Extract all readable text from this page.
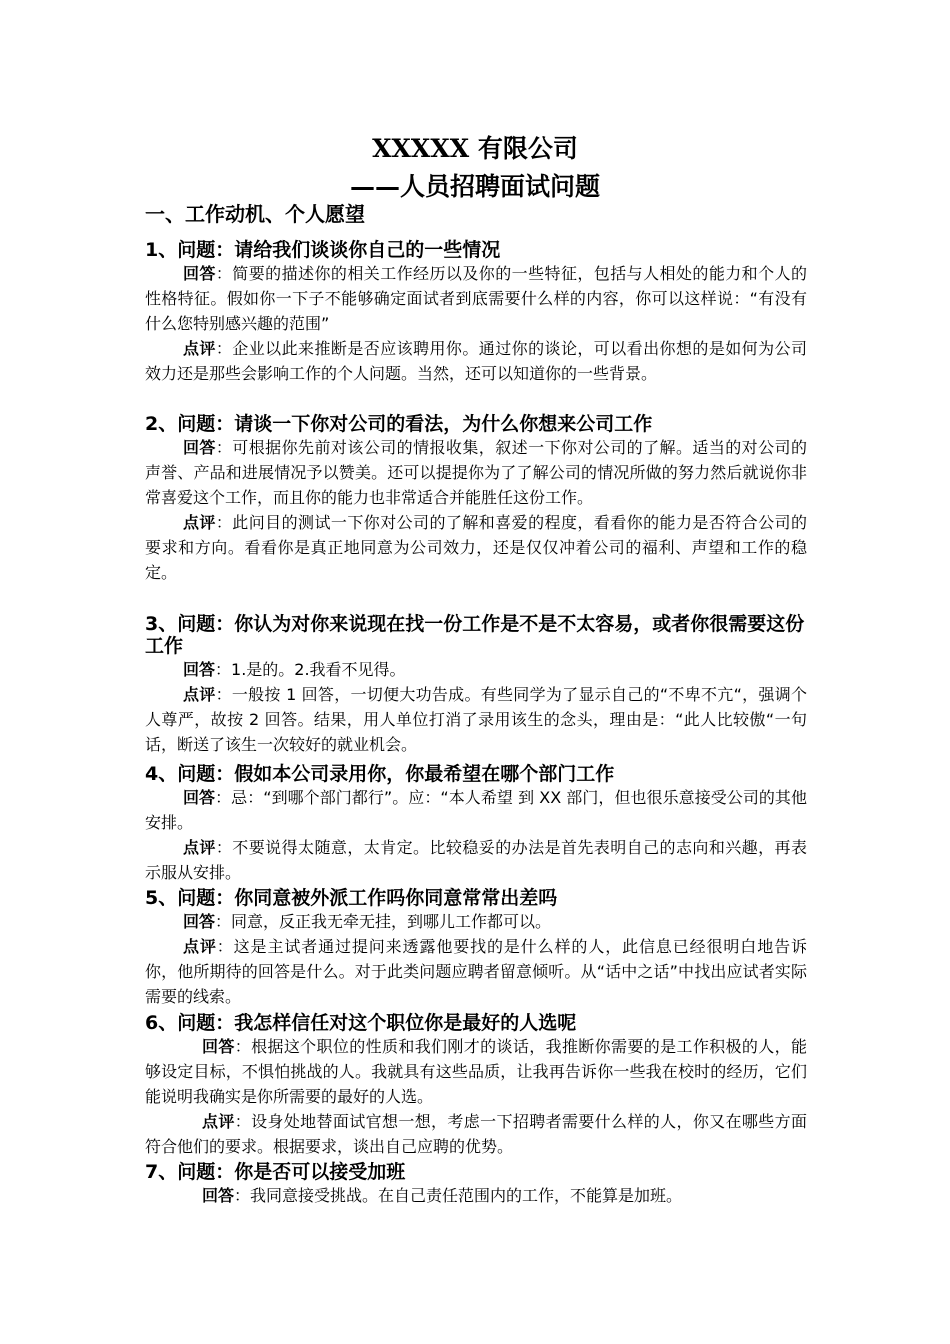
XXXXX 有限公司
——人员招聘面试问题
一、工作动机、个人愿望

1、问题：请给我们谈谈你自己的一些情况

回答：简要的描述你的相关工作经历以及你的一些特征，包括与人相处的能力和个人的性格特征。假如你一下子不能够确定面试者到底需要什么样的内容，你可以这样说：“有没有什么您特别感兴趣的范围”

点评：企业以此来推断是否应该聘用你。通过你的谈论，可以看出你想的是如何为公司效力还是那些会影响工作的个人问题。当然，还可以知道你的一些背景。

2、问题：请谈一下你对公司的看法，为什么你想来公司工作

回答：可根据你先前对该公司的情报收集，叙述一下你对公司的了解。适当的对公司的声誉、产品和进展情况予以赞美。还可以提提你为了了解公司的情况所做的努力然后就说你非常喜爱这个工作，而且你的能力也非常适合并能胜任这份工作。

点评：此问目的测试一下你对公司的了解和喜爱的程度，看看你的能力是否符合公司的要求和方向。看看你是真正地同意为公司效力，还是仅仅冲着公司的福利、声望和工作的稳定。

3、问题：你认为对你来说现在找一份工作是不是不太容易，或者你很需要这份工作

回答：1.是的。2.我看不见得。

点评：一般按 1 回答，一切便大功告成。有些同学为了显示自己的“不卑不亢“，强调个人尊严，故按 2 回答。结果，用人单位打消了录用该生的念头，理由是：“此人比较傲“一句话，断送了该生一次较好的就业机会。

4、问题：假如本公司录用你，你最希望在哪个部门工作

回答：忌：“到哪个部门都行”。应：“本人希望 到 XX 部门，但也很乐意接受公司的其他安排。

点评：不要说得太随意，太肯定。比较稳妥的办法是首先表明自己的志向和兴趣，再表示服从安排。

5、问题：你同意被外派工作吗你同意常常出差吗

回答：同意，反正我无牵无挂，到哪儿工作都可以。

点评：这是主试者通过提问来透露他要找的是什么样的人，此信息已经很明白地告诉你，他所期待的回答是什么。对于此类问题应聘者留意倾听。从“话中之话”中找出应试者实际需要的线索。

6、问题：我怎样信任对这个职位你是最好的人选呢

回答：根据这个职位的性质和我们刚才的谈话，我推断你需要的是工作积极的人，能够设定目标，不惧怕挑战的人。我就具有这些品质，让我再告诉你一些我在校时的经历，它们能说明我确实是你所需要的最好的人选。

点评：设身处地替面试官想一想，考虑一下招聘者需要什么样的人，你又在哪些方面符合他们的要求。根据要求，谈出自己应聘的优势。

7、问题：你是否可以接受加班

回答：我同意接受挑战。在自己责任范围内的工作，不能算是加班。
